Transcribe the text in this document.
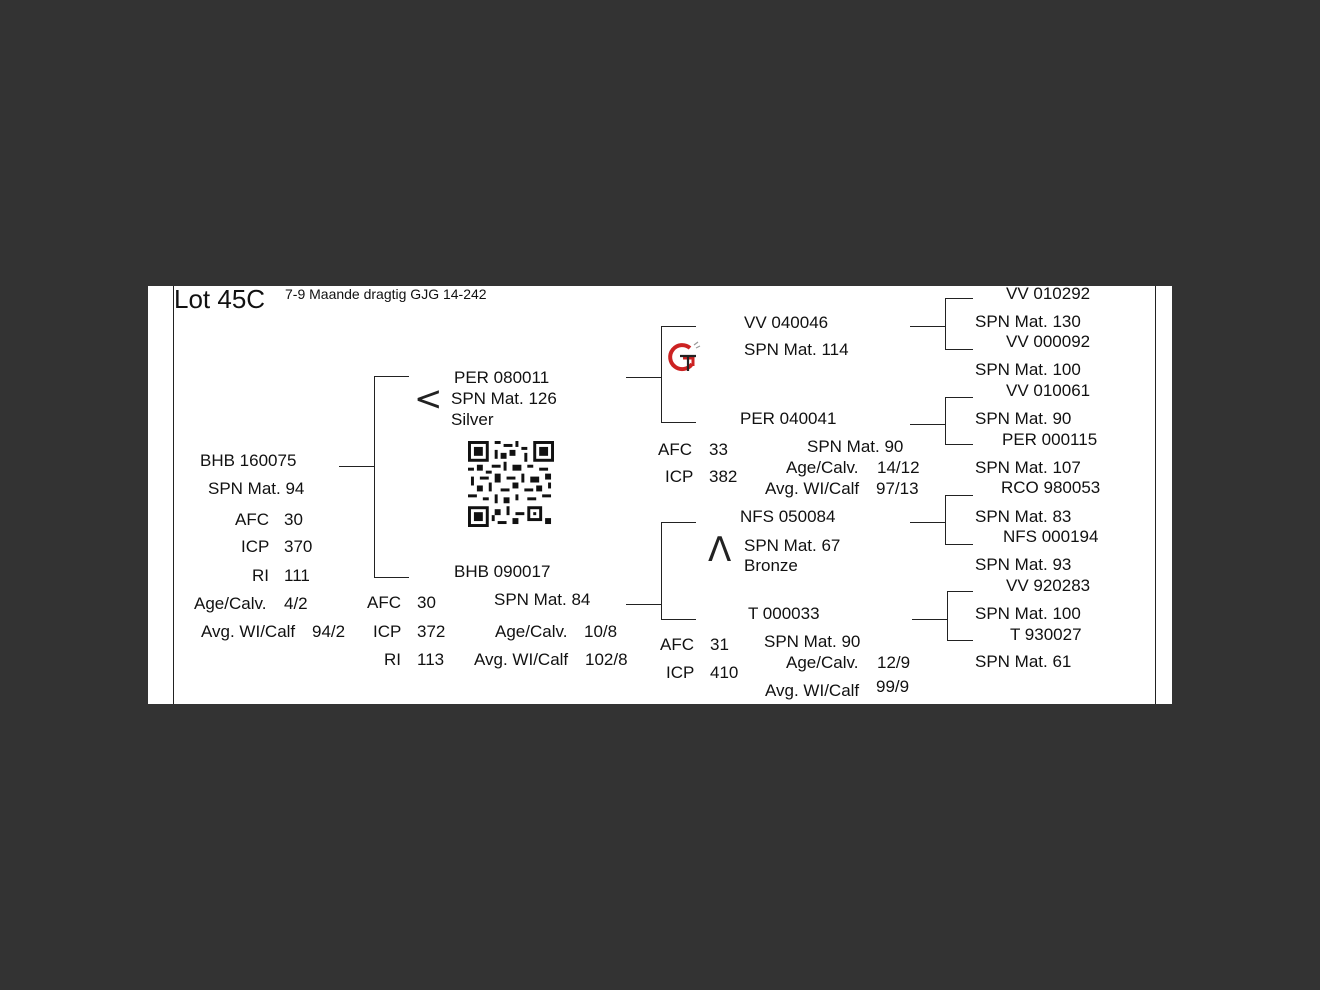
Lot 45C 7-9 Maande dragtig GJG 14-242
BHB 160075
SPN Mat. 94
AFC 30
ICP 370
RI 111
Age/Calv. 4/2
Avg. WI/Calf 94/2
<
PER 080011
SPN Mat. 126
Silver
BHB 090017
SPN Mat. 84
AFC 30
ICP 372
RI 113
Age/Calv. 10/8
Avg. WI/Calf 102/8
VV 040046
SPN Mat. 114
PER 040041
AFC 33
ICP 382
SPN Mat. 90
Age/Calv. 14/12
Avg. WI/Calf 97/13
NFS 050084
Λ SPN Mat. 67
Bronze
T 000033
AFC 31
ICP 410
SPN Mat. 90
Age/Calv. 12/9
Avg. WI/Calf 99/9
VV 010292
SPN Mat. 130
VV 000092
SPN Mat. 100
VV 010061
SPN Mat. 90
PER 000115
SPN Mat. 107
RCO 980053
SPN Mat. 83
NFS 000194
SPN Mat. 93
VV 920283
SPN Mat. 100
T 930027
SPN Mat. 61
